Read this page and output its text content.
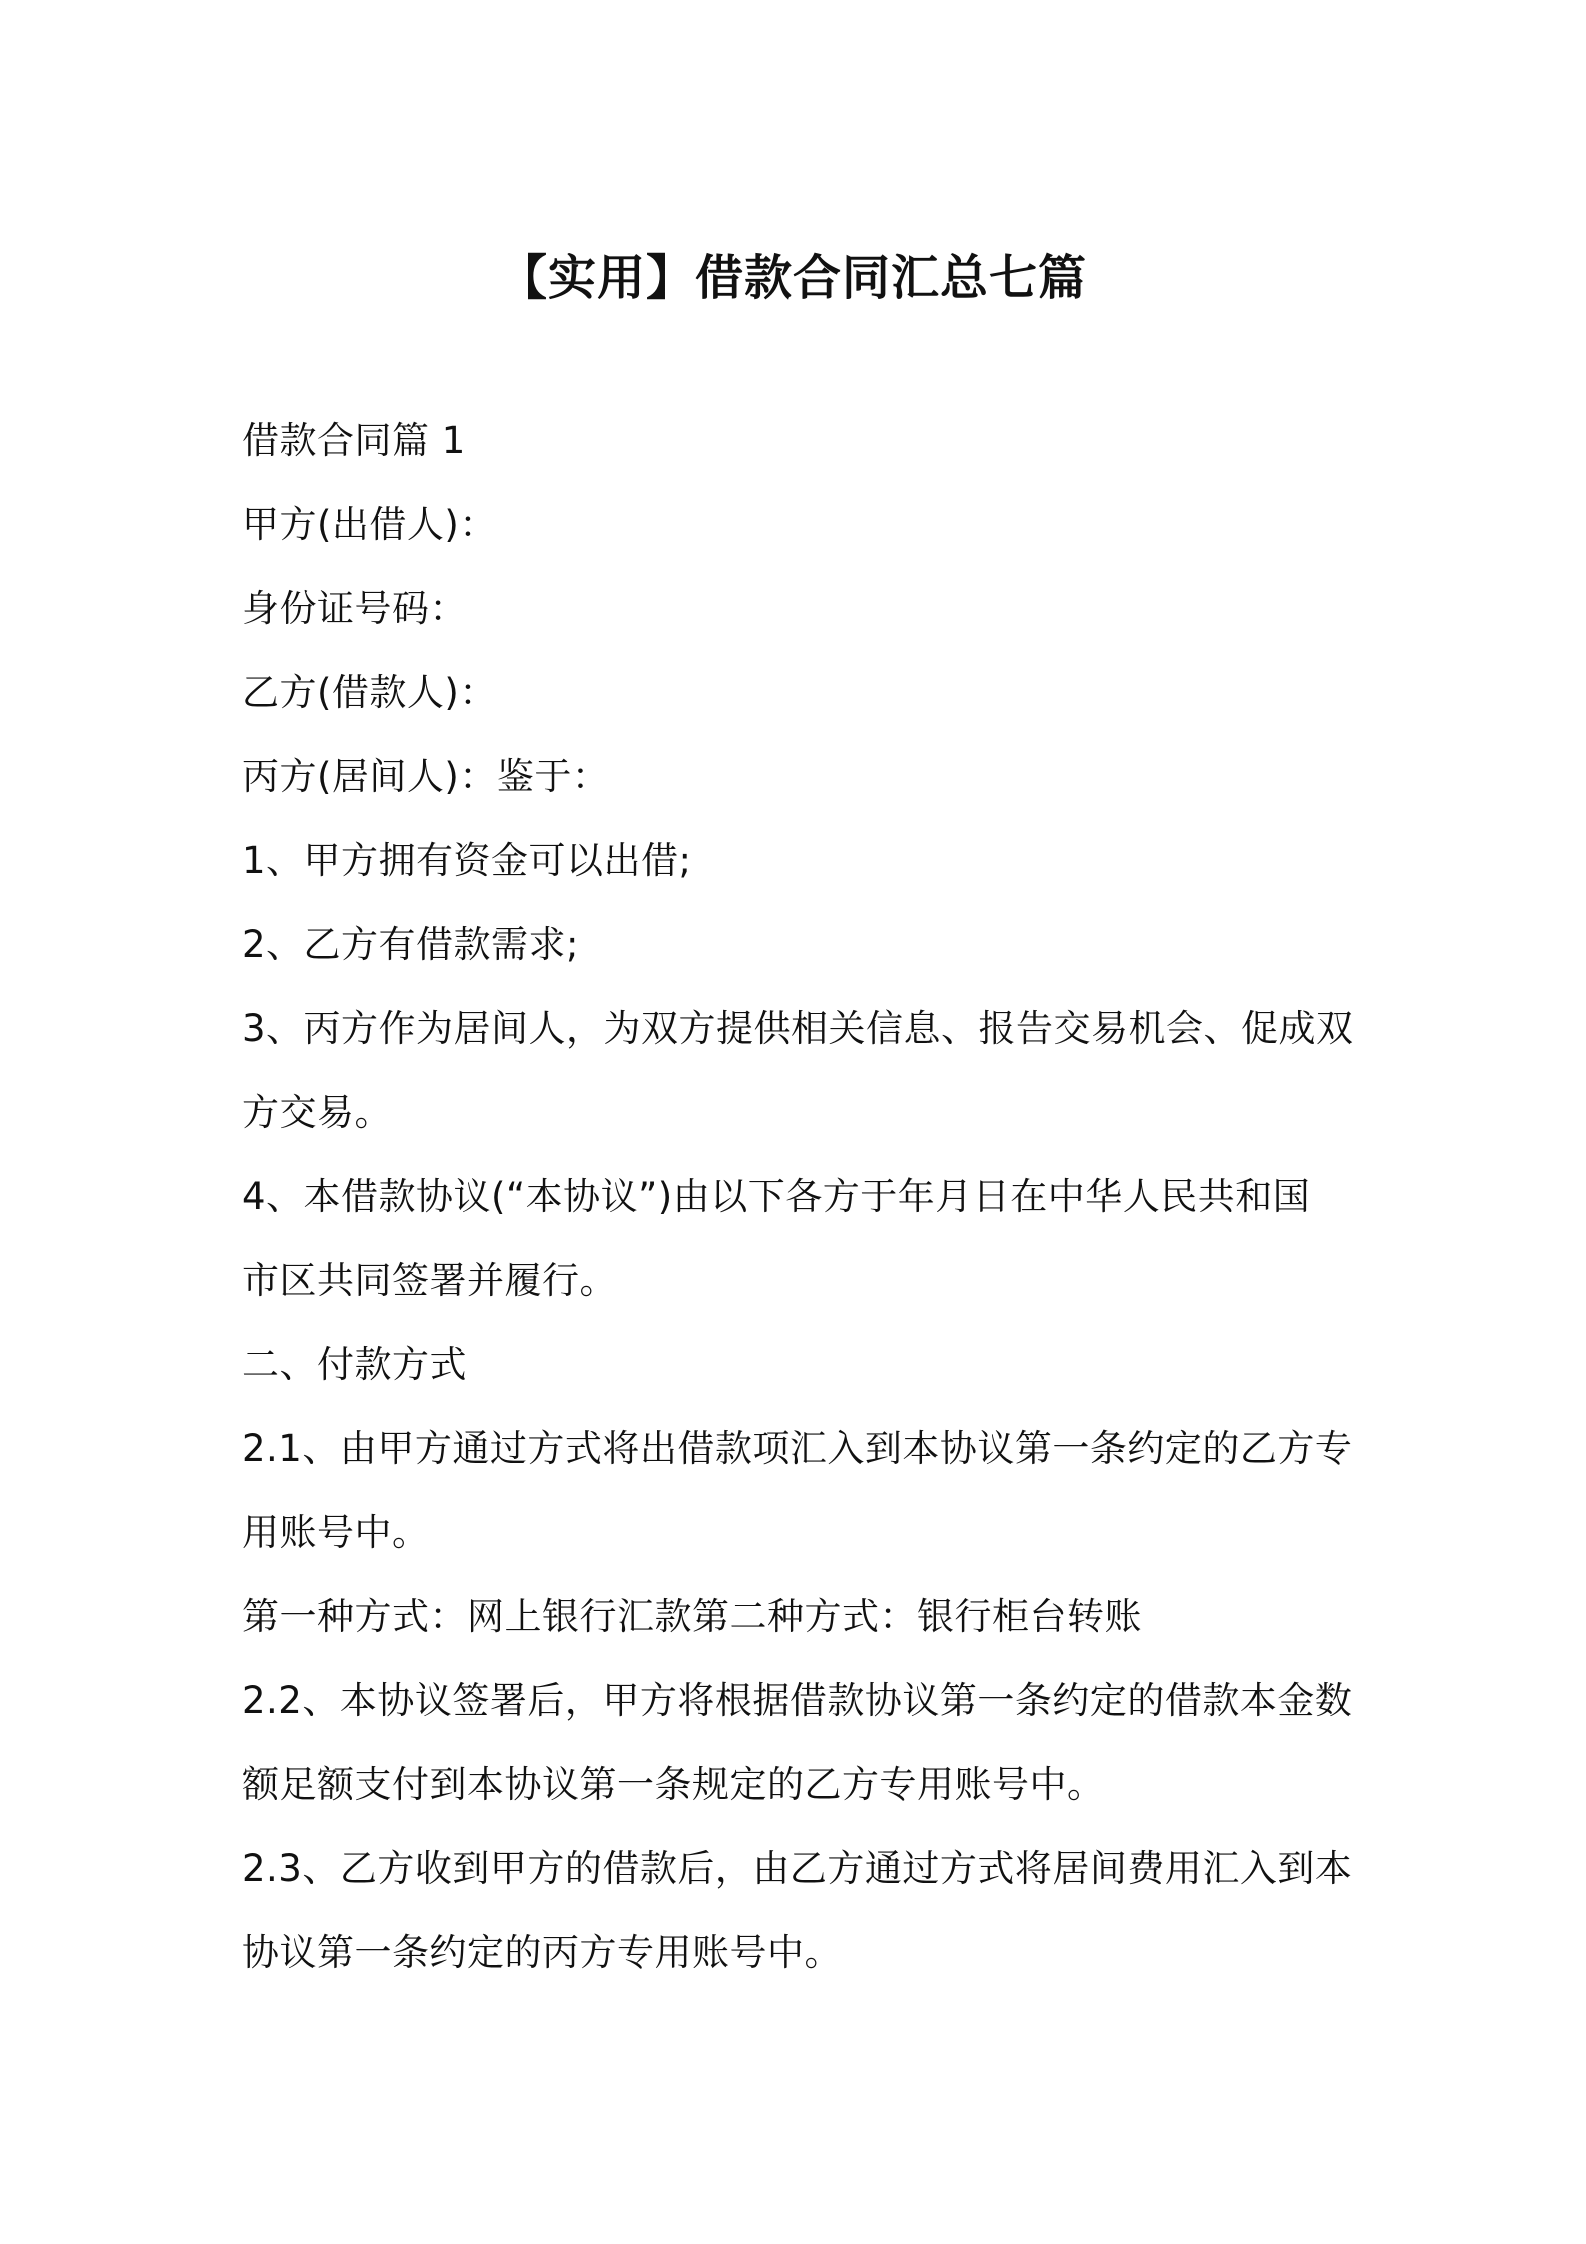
【实用】借款合同汇总七篇

借款合同篇 1

甲方(出借人)：

身份证号码：

乙方(借款人)：

丙方(居间人)：鉴于：

1、甲方拥有资金可以出借;

2、乙方有借款需求;

3、丙方作为居间人，为双方提供相关信息、报告交易机会、促成双

方交易。

4、本借款协议(“本协议”)由以下各方于年月日在中华人民共和国

市区共同签署并履行。

二、付款方式

2.1、由甲方通过方式将出借款项汇入到本协议第一条约定的乙方专

用账号中。

第一种方式：网上银行汇款第二种方式：银行柜台转账

2.2、本协议签署后，甲方将根据借款协议第一条约定的借款本金数

额足额支付到本协议第一条规定的乙方专用账号中。

2.3、乙方收到甲方的借款后，由乙方通过方式将居间费用汇入到本

协议第一条约定的丙方专用账号中。
